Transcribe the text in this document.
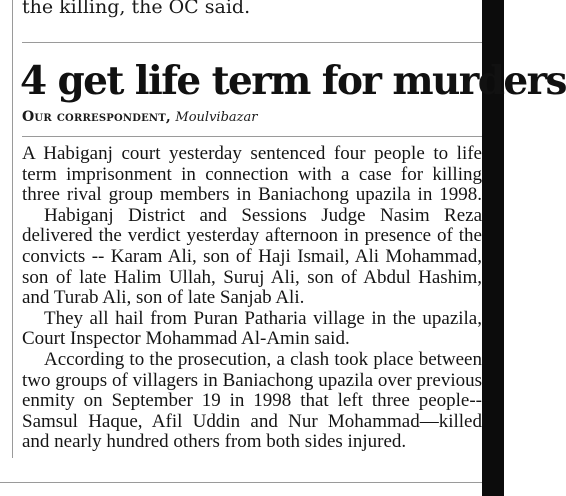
the killing, the OC said.
4 get life term for murders
Our correspondent, Moulvibazar
A Habiganj court yesterday sentenced four people to life
term imprisonment in connection with a case for killing
three rival group members in Baniachong upazila in 1998.
Habiganj District and Sessions Judge Nasim Reza
delivered the verdict yesterday afternoon in presence of the
convicts -- Karam Ali, son of Haji Ismail, Ali Mohammad,
son of late Halim Ullah, Suruj Ali, son of Abdul Hashim,
and Turab Ali, son of late Sanjab Ali.
They all hail from Puran Patharia village in the upazila,
Court Inspector Mohammad Al-Amin said.
According to the prosecution, a clash took place between
two groups of villagers in Baniachong upazila over previous
enmity on September 19 in 1998 that left three people--
Samsul Haque, Afil Uddin and Nur Mohammad—killed
and nearly hundred others from both sides injured.
